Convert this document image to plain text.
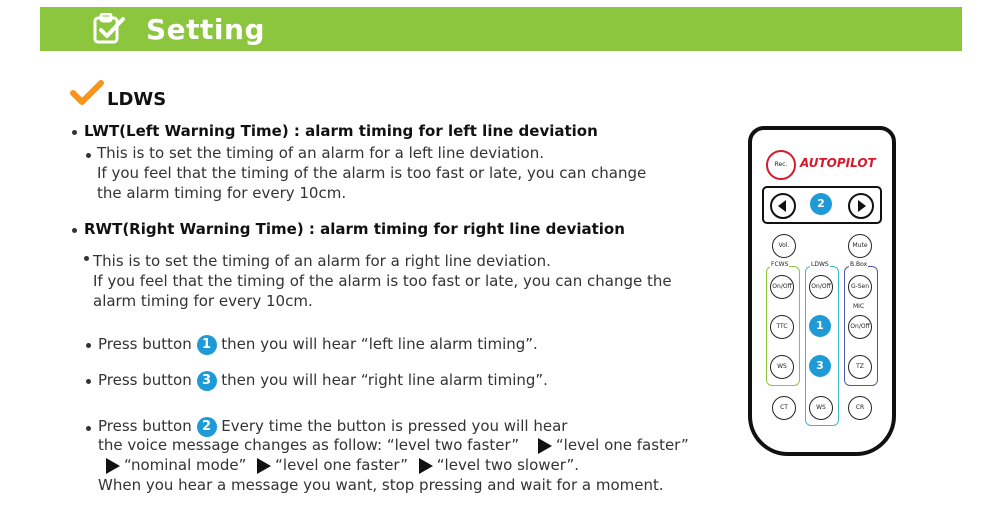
Setting
LDWS
LWT(Left Warning Time) : alarm timing for left line deviation
This is to set the timing of an alarm for a left line deviation.
If you feel that the timing of the alarm is too fast or late, you can change
the alarm timing for every 10cm.
RWT(Right Warning Time) : alarm timing for right line deviation
This is to set the timing of an alarm for a right line deviation.
If you feel that the timing of the alarm is too fast or late, you can change the
alarm timing for every 10cm.
Press button 1 then you will hear “left line alarm timing”.
Press button 3 then you will hear “right line alarm timing”.
Press button 2 Every time the button is pressed you will hear
the voice message changes as follow: “level two faster” “level one faster”
“nominal mode” “level one faster” “level two slower”.
When you hear a message you want, stop pressing and wait for a moment.
Rec.	AUTOPILOT
2
Vol.	Mute
FCWS	LDWS	B.Box
On/Off	On/Off	G-Sen
MIC
TTC	1	On/Off
WS	3	TZ
CT	WS	CR
